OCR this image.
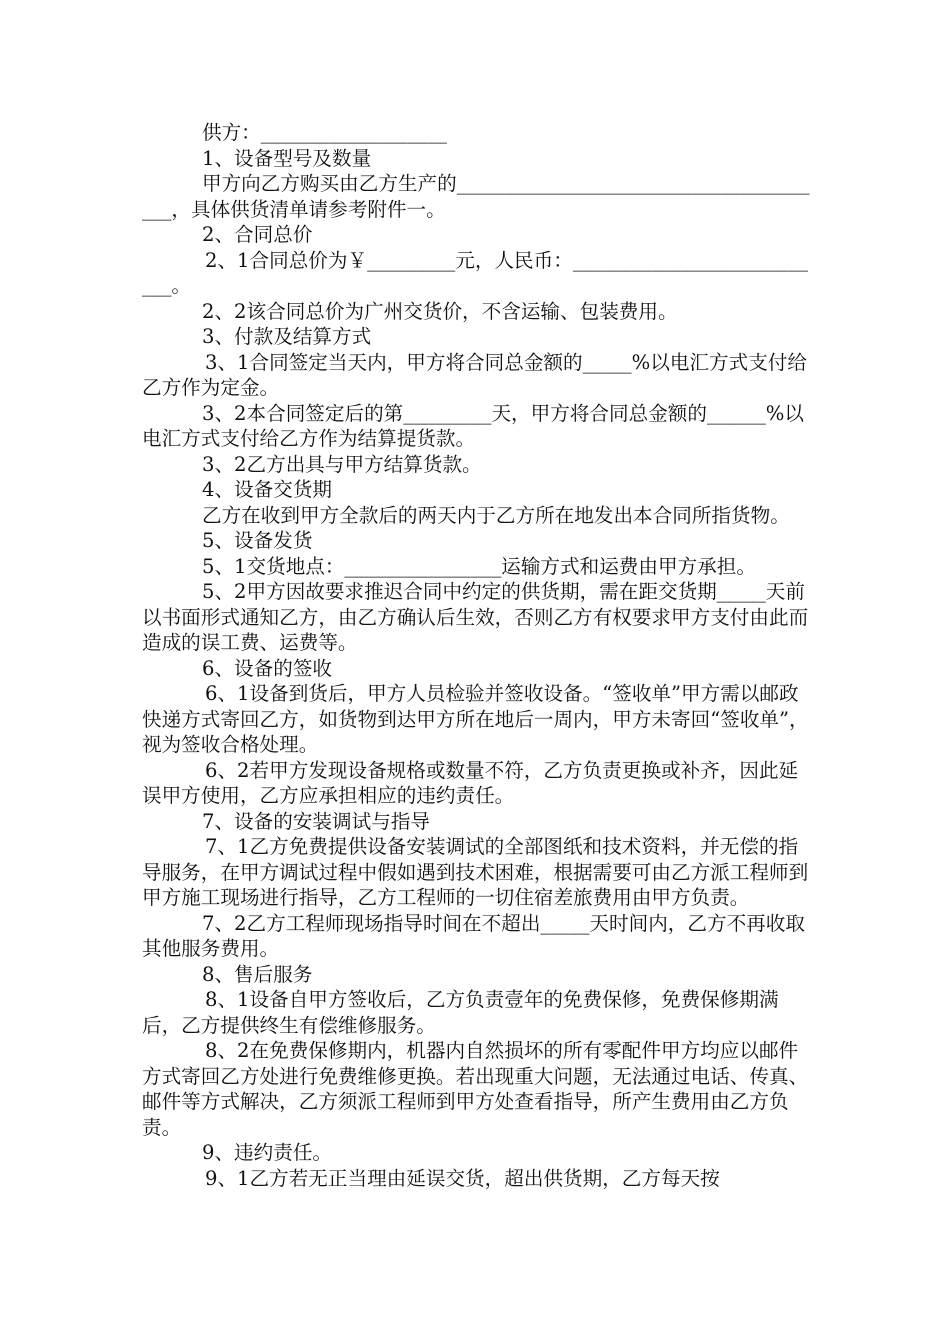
供方：___________________

1、设备型号及数量

甲方向乙方购买由乙方生产的_______________________________________，具体供货清单请参考附件一。

2、合同总价

2、1合同总价为￥_________元，人民币：___________________________。

2、2该合同总价为广州交货价，不含运输、包装费用。

3、付款及结算方式

3、1合同签定当天内，甲方将合同总金额的_____%以电汇方式支付给乙方作为定金。

3、2本合同签定后的第_________天，甲方将合同总金额的______%以电汇方式支付给乙方作为结算提货款。

3、2乙方出具与甲方结算货款。

4、设备交货期

乙方在收到甲方全款后的两天内于乙方所在地发出本合同所指货物。

5、设备发货

5、1交货地点：________________运输方式和运费由甲方承担。

5、2甲方因故要求推迟合同中约定的供货期，需在距交货期_____天前以书面形式通知乙方，由乙方确认后生效，否则乙方有权要求甲方支付由此而造成的误工费、运费等。

6、设备的签收

6、1设备到货后，甲方人员检验并签收设备。“签收单”甲方需以邮政快递方式寄回乙方，如货物到达甲方所在地后一周内，甲方未寄回“签收单”，视为签收合格处理。

6、2若甲方发现设备规格或数量不符，乙方负责更换或补齐，因此延误甲方使用，乙方应承担相应的违约责任。

7、设备的安装调试与指导

7、1乙方免费提供设备安装调试的全部图纸和技术资料，并无偿的指导服务，在甲方调试过程中假如遇到技术困难，根据需要可由乙方派工程师到甲方施工现场进行指导，乙方工程师的一切住宿差旅费用由甲方负责。

7、2乙方工程师现场指导时间在不超出_____天时间内，乙方不再收取其他服务费用。

8、售后服务

8、1设备自甲方签收后，乙方负责壹年的免费保修，免费保修期满后，乙方提供终生有偿维修服务。

8、2在免费保修期内，机器内自然损坏的所有零配件甲方均应以邮件方式寄回乙方处进行免费维修更换。若出现重大问题，无法通过电话、传真、邮件等方式解决，乙方须派工程师到甲方处查看指导，所产生费用由乙方负责。

9、违约责任。

9、1乙方若无正当理由延误交货，超出供货期，乙方每天按
